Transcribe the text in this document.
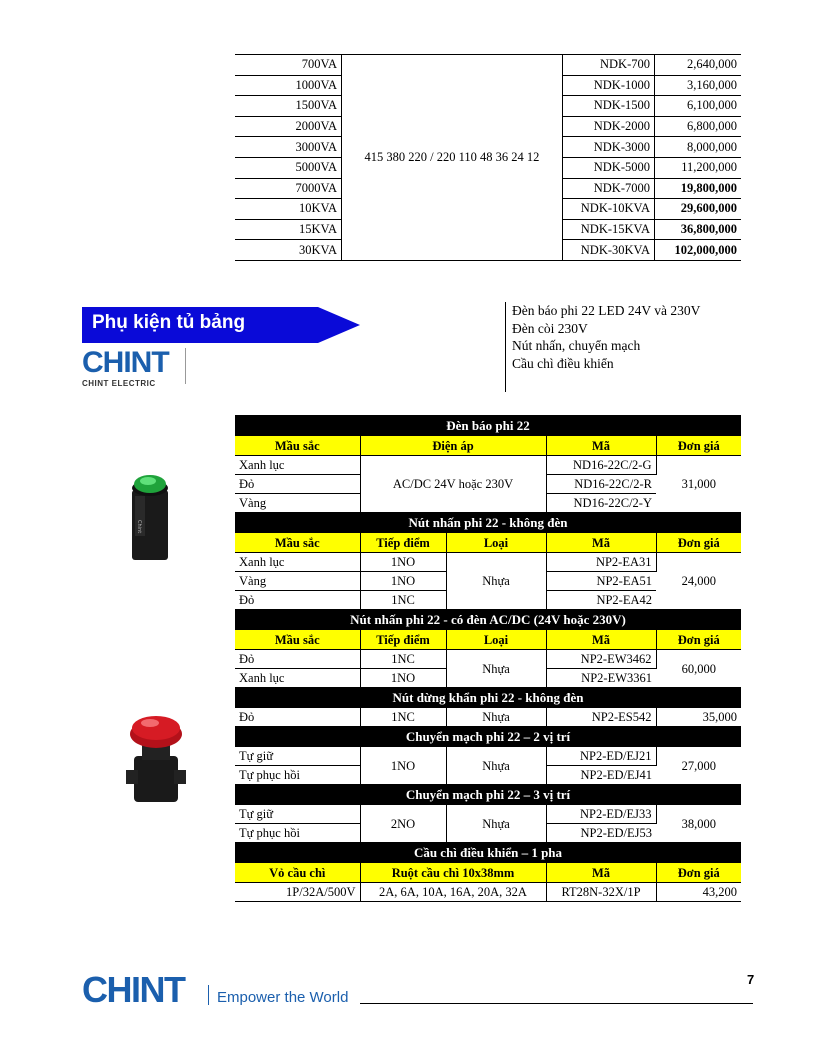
700VA	415 380 220 / 220 110 48 36 24 12	NDK-700	2,640,000
1000VA		NDK-1000	3,160,000
1500VA		NDK-1500	6,100,000
2000VA		NDK-2000	6,800,000
3000VA		NDK-3000	8,000,000
5000VA		NDK-5000	11,200,000
7000VA		NDK-7000	19,800,000
10KVA		NDK-10KVA	29,600,000
15KVA		NDK-15KVA	36,800,000
30KVA		NDK-30KVA	102,000,000
Phụ kiện tủ bảng
CHINT
CHINT ELECTRIC
Đèn báo phi 22 LED 24V và 230V
Đèn còi 230V
Nút nhấn, chuyển mạch
Cầu chì điều khiển
Chint
Đèn báo phi 22				
Mầu sắc	Điện áp		Mã	Đơn giá
Xanh lục	AC/DC 24V hoặc 230V		ND16-22C/2-G	31,000
Đỏ			ND16-22C/2-R	
Vàng			ND16-22C/2-Y	
Nút nhấn phi 22 - không đèn				
Mầu sắc	Tiếp điểm	Loại	Mã	Đơn giá
Xanh lục	1NO	Nhựa	NP2-EA31	24,000
Vàng	1NO		NP2-EA51	
Đỏ	1NC		NP2-EA42	
Nút nhấn phi 22 - có đèn AC/DC (24V hoặc 230V)				
Mầu sắc	Tiếp điểm	Loại	Mã	Đơn giá
Đỏ	1NC	Nhựa	NP2-EW3462	60,000
Xanh lục	1NO		NP2-EW3361	
Nút dừng khẩn phi 22 - không đèn				
Đỏ	1NC	Nhựa	NP2-ES542	35,000
Chuyển mạch phi 22 – 2 vị trí				
Tự giữ	1NO	Nhựa	NP2-ED/EJ21	27,000
Tự phục hồi			NP2-ED/EJ41	
Chuyển mạch phi 22 – 3 vị trí				
Tự giữ	2NO	Nhựa	NP2-ED/EJ33	38,000
Tự phục hồi			NP2-ED/EJ53	
Cầu chì điều khiển – 1 pha				
Vỏ cầu chì	Ruột cầu chì 10x38mm		Mã	Đơn giá
1P/32A/500V	2A, 6A, 10A, 16A, 20A, 32A		RT28N-32X/1P	43,200
CHINT Empower the World
7
